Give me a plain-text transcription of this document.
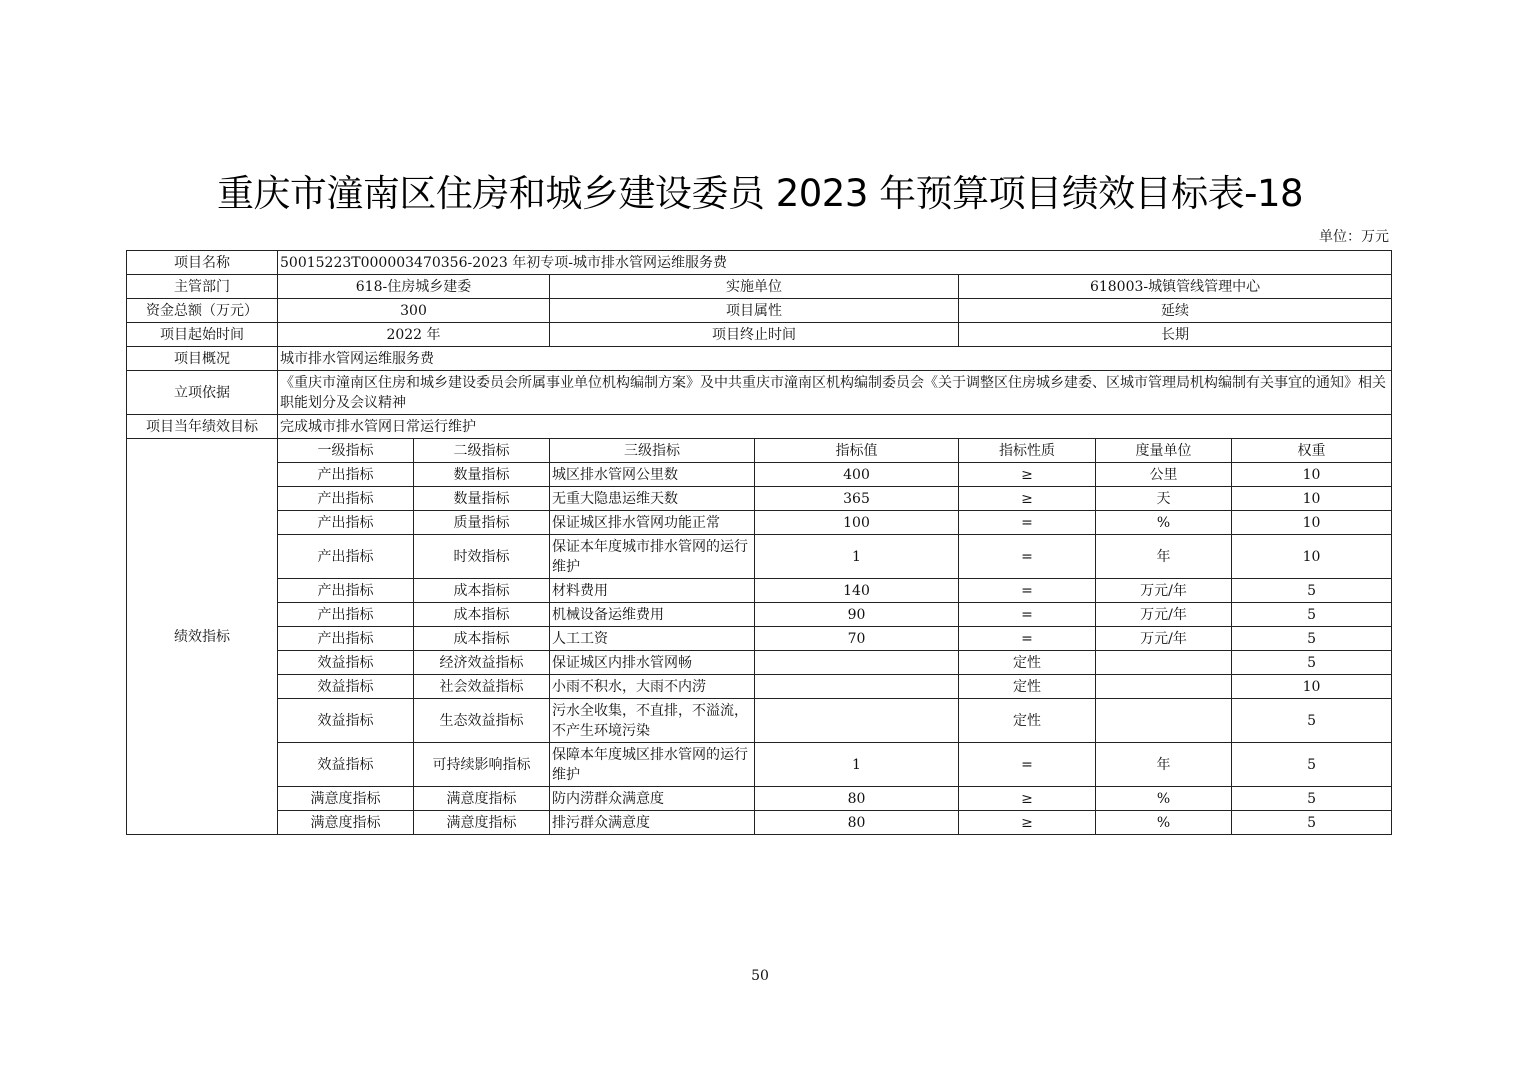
重庆市潼南区住房和城乡建设委员 2023 年预算项目绩效目标表-18
单位：万元
项目名称	50015223T000003470356-2023 年初专项-城市排水管网运维服务费						
主管部门	618-住房城乡建委		实施单位		618003-城镇管线管理中心		
资金总额（万元）	300		项目属性		延续		
项目起始时间	2022 年		项目终止时间		长期		
项目概况	城市排水管网运维服务费						
立项依据	《重庆市潼南区住房和城乡建设委员会所属事业单位机构编制方案》及中共重庆市潼南区机构编制委员会《关于调整区住房城乡建委、区城市管理局机构编制有关事宜的通知》相关职能划分及会议精神						
项目当年绩效目标	完成城市排水管网日常运行维护						
绩效指标	一级指标	二级指标	三级指标	指标值	指标性质	度量单位	权重
	产出指标	数量指标	城区排水管网公里数	400	≥	公里	10
	产出指标	数量指标	无重大隐患运维天数	365	≥	天	10
	产出指标	质量指标	保证城区排水管网功能正常	100	=	%	10
	产出指标	时效指标	保证本年度城市排水管网的运行维护	1	=	年	10
	产出指标	成本指标	材料费用	140	=	万元/年	5
	产出指标	成本指标	机械设备运维费用	90	=	万元/年	5
	产出指标	成本指标	人工工资	70	=	万元/年	5
	效益指标	经济效益指标	保证城区内排水管网畅		定性		5
	效益指标	社会效益指标	小雨不积水，大雨不内涝		定性		10
	效益指标	生态效益指标	污水全收集，不直排，不溢流，不产生环境污染		定性		5
	效益指标	可持续影响指标	保障本年度城区排水管网的运行维护	1	=	年	5
	满意度指标	满意度指标	防内涝群众满意度	80	≥	%	5
	满意度指标	满意度指标	排污群众满意度	80	≥	%	5
50
